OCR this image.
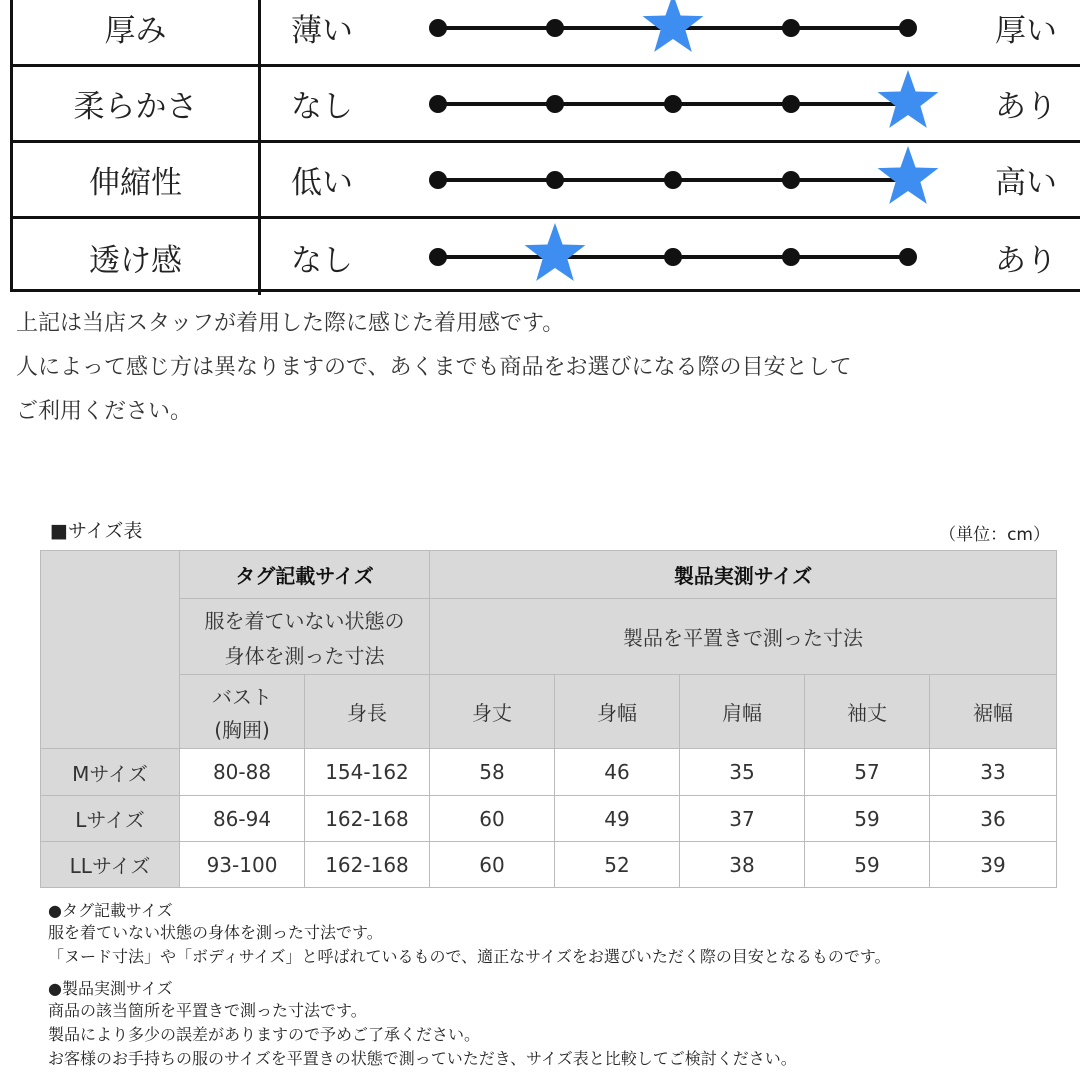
厚み	薄い	厚い
柔らかさ	なし	あり
伸縮性	低い	高い
透け感	なし	あり
上記は当店スタッフが着用した際に感じた着用感です。
人によって感じ方は異なりますので、あくまでも商品をお選びになる際の目安として
ご利用ください。
■サイズ表	（単位：cm）
	タグ記載サイズ		製品実測サイズ				

	服を着ていない状態の
身体を測った寸法		製品を平置きで測った寸法				

	バスト
(胸囲)	身長	身丈	身幅	肩幅	袖丈	裾幅
Mサイズ	80-88	154-162	58	46	35	57	33
Lサイズ	86-94	162-168	60	49	37	59	36
LLサイズ	93-100	162-168	60	52	38	59	39
●タグ記載サイズ
服を着ていない状態の身体を測った寸法です。
「ヌード寸法」や「ボディサイズ」と呼ばれているもので、適正なサイズをお選びいただく際の目安となるものです。
●製品実測サイズ
商品の該当箇所を平置きで測った寸法です。
製品により多少の誤差がありますので予めご了承ください。
お客様のお手持ちの服のサイズを平置きの状態で測っていただき、サイズ表と比較してご検討ください。
